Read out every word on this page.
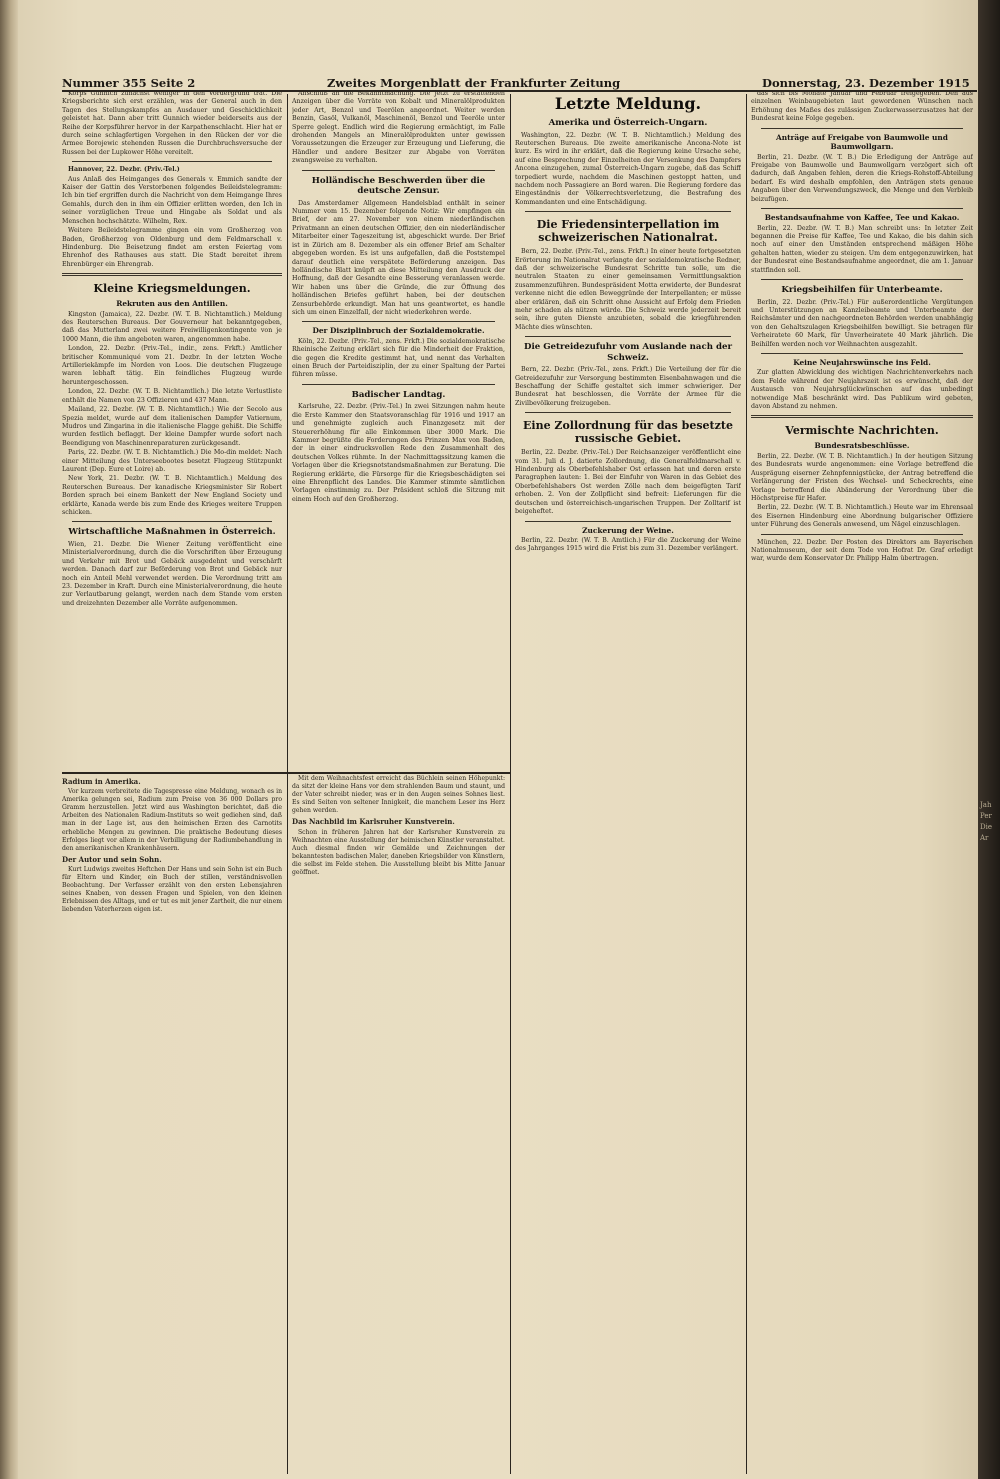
Jah Per Die Ar
Nummer 355 Seite 2	Zweites Morgenblatt der Frankfurter Zeitung	Donnerstag, 23. Dezember 1915

Korps Gunnich zunächst weniger in den Vordergrund trat. Die Kriegsberichte sich erst erzählen, was der General auch in den Tagen des Stellungskampfes an Ausdauer und Geschicklichkeit geleistet hat. Dann aber tritt Gunnich wieder beiderseits aus der Reihe der Korpsführer hervor in der Karpathenschlacht. Hier hat er durch seine schlagfertigen Vorgehen in den Rücken der vor die Armee Borojewic stehenden Russen die Durchbruchsversuche der Russen bei der Lupkower Höhe vereitelt.

Hannover, 22. Dezbr. (Priv.-Tel.)

Aus Anlaß des Heimganges des Generals v. Emmich sandte der Kaiser der Gattin des Verstorbenen folgendes Beileidstelegramm: Ich bin tief ergriffen durch die Nachricht von dem Heimgange Ihres Gemahls, durch den in ihm ein Offizier erlitten worden, den Ich in seiner vorzüglichen Treue und Hingabe als Soldat und als Menschen hochschätzte. Wilhelm, Rex.

Weitere Beileidstelegramme gingen ein vom Großherzog von Baden, Großherzog von Oldenburg und dem Feldmarschall v. Hindenburg. Die Beisetzung findet am ersten Feiertag vom Ehrenhof des Rathauses aus statt. Die Stadt bereitet ihrem Ehrenbürger ein Ehrengrab.

Kleine Kriegsmeldungen.
Rekruten aus den Antillen.

Kingston (Jamaica), 22. Dezbr. (W. T. B. Nichtamtlich.) Meldung des Reuterschen Bureaus. Der Gouverneur hat bekanntgegeben, daß das Mutterland zwei weitere Freiwilligenkontingente von je 1000 Mann, die ihm angeboten waren, angenommen habe.

London, 22. Dezbr. (Priv.-Tel., indir., zens. Frkft.) Amtlicher britischer Kommuniqué vom 21. Dezbr. In der letzten Woche Artilleriekämpfe im Norden von Loos. Die deutschen Flugzeuge waren lebhaft tätig. Ein feindliches Flugzeug wurde heruntergeschossen.

London, 22. Dezbr. (W. T. B. Nichtamtlich.) Die letzte Verlustliste enthält die Namen von 23 Offizieren und 437 Mann.

Mailand, 22. Dezbr. (W. T. B. Nichtamtlich.) Wie der Secolo aus Spezia meldet, wurde auf dem italienischen Dampfer Vatiernum, Mudros und Zingarina in die italienische Flagge gehißt. Die Schiffe wurden festlich beflaggt. Der kleine Dampfer wurde sofort nach Beendigung von Maschinenreparaturen zurückgesandt.

Paris, 22. Dezbr. (W. T. B. Nichtamtlich.) Die Mo-din meldet: Nach einer Mitteilung des Unterseebootes besetzt Flugzeug Stützpunkt Laurent (Dep. Eure et Loire) ab.

New York, 21. Dezbr. (W. T. B. Nichtamtlich.) Meldung des Reuterschen Bureaus. Der kanadische Kriegsminister Sir Robert Borden sprach bei einem Bankett der New England Society und erklärte, Kanada werde bis zum Ende des Krieges weitere Truppen schicken.

Wirtschaftliche Maßnahmen in Österreich.

Wien, 21. Dezbr. Die Wiener Zeitung veröffentlicht eine Ministerialverordnung, durch die die Vorschriften über Erzeugung und Verkehr mit Brot und Gebäck ausgedehnt und verschärft werden. Danach darf zur Beförderung von Brot und Gebäck nur noch ein Anteil Mehl verwendet werden. Die Verordnung tritt am 23. Dezember in Kraft. Durch eine Ministerialverordnung, die heute zur Verlautbarung gelangt, werden nach dem Stande vom ersten und dreizehnten Dezember alle Vorräte aufgenommen.

Anschluß an die Bekanntmachung. Die jetzt zu erstattenden Anzeigen über die Vorräte von Kobalt und Mineralölprodukten jeder Art, Benzol und Teerölen angeordnet. Weiter werden Benzin, Gasöl, Vulkanöl, Maschinenöl, Benzol und Teeröle unter Sperre gelegt. Endlich wird die Regierung ermächtigt, im Falle drohenden Mangels an Mineralölprodukten unter gewissen Voraussetzungen die Erzeuger zur Erzeugung und Lieferung, die Händler und andere Besitzer zur Abgabe von Vorräten zwangsweise zu verhalten.

Holländische Beschwerden über die deutsche Zensur.

Das Amsterdamer Allgemeen Handelsblad enthält in seiner Nummer vom 15. Dezember folgende Notiz: Wir empfingen ein Brief, der am 27. November von einem niederländischen Privatmann an einen deutschen Offizier, den ein niederländischer Mitarbeiter einer Tageszeitung ist, abgeschickt wurde. Der Brief ist in Zürich am 8. Dezember als ein offener Brief am Schalter abgegeben worden. Es ist uns aufgefallen, daß die Poststempel darauf deutlich eine verspätete Beförderung anzeigen. Das holländische Blatt knüpft an diese Mitteilung den Ausdruck der Hoffnung, daß der Gesandte eine Besserung veranlassen werde. Wir haben uns über die Gründe, die zur Öffnung des holländischen Briefes geführt haben, bei der deutschen Zensurbehörde erkundigt. Man hat uns geantwortet, es handle sich um einen Einzelfall, der nicht wiederkehren werde.

Der Disziplinbruch der Sozialdemokratie.

Köln, 22. Dezbr. (Priv.-Tel., zens. Frkft.) Die sozialdemokratische Rheinische Zeitung erklärt sich für die Minderheit der Fraktion, die gegen die Kredite gestimmt hat, und nennt das Verhalten einen Bruch der Parteidisziplin, der zu einer Spaltung der Partei führen müsse.

Badischer Landtag.

Karlsruhe, 22. Dezbr. (Priv.-Tel.) In zwei Sitzungen nahm heute die Erste Kammer den Staatsvoranschlag für 1916 und 1917 an und genehmigte zugleich auch Finanzgesetz mit der Steuererhöhung für alle Einkommen über 3000 Mark. Die Kammer begrüßte die Forderungen des Prinzen Max von Baden, der in einer eindrucksvollen Rede den Zusammenhalt des deutschen Volkes rühmte. In der Nachmittagssitzung kamen die Vorlagen über die Kriegsnotstandsmaßnahmen zur Beratung. Die Regierung erklärte, die Fürsorge für die Kriegsbeschädigten sei eine Ehrenpflicht des Landes. Die Kammer stimmte sämtlichen Vorlagen einstimmig zu. Der Präsident schloß die Sitzung mit einem Hoch auf den Großherzog.

Letzte Meldung.
Amerika und Österreich-Ungarn.

Washington, 22. Dezbr. (W. T. B. Nichtamtlich.) Meldung des Reuterschen Bureaus. Die zweite amerikanische Ancona-Note ist kurz. Es wird in ihr erklärt, daß die Regierung keine Ursache sehe, auf eine Besprechung der Einzelheiten der Versenkung des Dampfers Ancona einzugehen, zumal Österreich-Ungarn zugebe, daß das Schiff torpediert wurde, nachdem die Maschinen gestoppt hatten, und nachdem noch Passagiere an Bord waren. Die Regierung fordere das Eingeständnis der Völkerrechtsverletzung, die Bestrafung des Kommandanten und eine Entschädigung.

Die Friedensinterpellation im schweizerischen Nationalrat.

Bern, 22. Dezbr. (Priv.-Tel., zens. Frkft.) In einer heute fortgesetzten Erörterung im Nationalrat verlangte der sozialdemokratische Redner, daß der schweizerische Bundesrat Schritte tun solle, um die neutralen Staaten zu einer gemeinsamen Vermittlungsaktion zusammenzuführen. Bundespräsident Motta erwiderte, der Bundesrat verkenne nicht die edlen Beweggründe der Interpellanten; er müsse aber erklären, daß ein Schritt ohne Aussicht auf Erfolg dem Frieden mehr schaden als nützen würde. Die Schweiz werde jederzeit bereit sein, ihre guten Dienste anzubieten, sobald die kriegführenden Mächte dies wünschten.

Die Getreidezufuhr vom Auslande nach der Schweiz.

Bern, 22. Dezbr. (Priv.-Tel., zens. Frkft.) Die Verteilung der für die Getreidezufuhr zur Versorgung bestimmten Eisenbahnwagen und die Beschaffung der Schiffe gestaltet sich immer schwieriger. Der Bundesrat hat beschlossen, die Vorräte der Armee für die Zivilbevölkerung freizugeben.

Eine Zollordnung für das besetzte russische Gebiet.

Berlin, 22. Dezbr. (Priv.-Tel.) Der Reichsanzeiger veröffentlicht eine vom 31. Juli d. J. datierte Zollordnung, die Generalfeldmarschall v. Hindenburg als Oberbefehlshaber Ost erlassen hat und deren erste Paragraphen lauten: 1. Bei der Einfuhr von Waren in das Gebiet des Oberbefehlshabers Ost werden Zölle nach dem beigefügten Tarif erhoben. 2. Von der Zollpflicht sind befreit: Lieferungen für die deutschen und österreichisch-ungarischen Truppen. Der Zolltarif ist beigeheftet.

Zuckerung der Weine.

Berlin, 22. Dezbr. (W. T. B. Amtlich.) Für die Zuckerung der Weine des Jahrganges 1915 wird die Frist bis zum 31. Dezember verlängert.

das sich bis Monate Januar und Februar freigegeben. Den aus einzelnen Weinbaugebieten laut gewordenen Wünschen nach Erhöhung des Maßes des zulässigen Zuckerwasserzusatzes hat der Bundesrat keine Folge gegeben.

Anträge auf Freigabe von Baumwolle und Baumwollgarn.

Berlin, 21. Dezbr. (W. T. B.) Die Erledigung der Anträge auf Freigabe von Baumwolle und Baumwollgarn verzögert sich oft dadurch, daß Angaben fehlen, deren die Kriegs-Rohstoff-Abteilung bedarf. Es wird deshalb empfohlen, den Anträgen stets genaue Angaben über den Verwendungszweck, die Menge und den Verbleib beizufügen.

Bestandsaufnahme von Kaffee, Tee und Kakao.

Berlin, 22. Dezbr. (W. T. B.) Man schreibt uns: In letzter Zeit begannen die Preise für Kaffee, Tee und Kakao, die bis dahin sich noch auf einer den Umständen entsprechend mäßigen Höhe gehalten hatten, wieder zu steigen. Um dem entgegenzuwirken, hat der Bundesrat eine Bestandsaufnahme angeordnet, die am 1. Januar stattfinden soll.

Kriegsbeihilfen für Unterbeamte.

Berlin, 22. Dezbr. (Priv.-Tel.) Für außerordentliche Vergütungen und Unterstützungen an Kanzleibeamte und Unterbeamte der Reichsämter und den nachgeordneten Behörden werden unabhängig von den Gehaltszulagen Kriegsbeihilfen bewilligt. Sie betragen für Verheiratete 60 Mark, für Unverheiratete 40 Mark jährlich. Die Beihilfen werden noch vor Weihnachten ausgezahlt.

Keine Neujahrswünsche ins Feld.

Zur glatten Abwicklung des wichtigen Nachrichtenverkehrs nach dem Felde während der Neujahrszeit ist es erwünscht, daß der Austausch von Neujahrsglückwünschen auf das unbedingt notwendige Maß beschränkt wird. Das Publikum wird gebeten, davon Abstand zu nehmen.

Vermischte Nachrichten.
Bundesratsbeschlüsse.

Berlin, 22. Dezbr. (W. T. B. Nichtamtlich.) In der heutigen Sitzung des Bundesrats wurde angenommen: eine Vorlage betreffend die Ausprägung eiserner Zehnpfennigstücke, der Antrag betreffend die Verlängerung der Fristen des Wechsel- und Scheckrechts, eine Vorlage betreffend die Abänderung der Verordnung über die Höchstpreise für Hafer.

Berlin, 22. Dezbr. (W. T. B. Nichtamtlich.) Heute war im Ehrensaal des Eisernen Hindenburg eine Abordnung bulgarischer Offiziere unter Führung des Generals anwesend, um Nägel einzuschlagen.

München, 22. Dezbr. Der Posten des Direktors am Bayerischen Nationalmuseum, der seit dem Tode von Hofrat Dr. Graf erledigt war, wurde dem Konservator Dr. Philipp Halm übertragen.

Radium in Amerika.

Vor kurzem verbreitete die Tagespresse eine Meldung, wonach es in Amerika gelungen sei, Radium zum Preise von 36 000 Dollars pro Gramm herzustellen. Jetzt wird aus Washington berichtet, daß die Arbeiten des Nationalen Radium-Instituts so weit gediehen sind, daß man in der Lage ist, aus den heimischen Erzen des Carnotits erhebliche Mengen zu gewinnen. Die praktische Bedeutung dieses Erfolges liegt vor allem in der Verbilligung der Radiumbehandlung in den amerikanischen Krankenhäusern.

Der Autor und sein Sohn.

Kurt Ludwigs zweites Heftchen Der Hans und sein Sohn ist ein Buch für Eltern und Kinder, ein Buch der stillen, verständnisvollen Beobachtung. Der Verfasser erzählt von den ersten Lebensjahren seines Knaben, von dessen Fragen und Spielen, von den kleinen Erlebnissen des Alltags, und er tut es mit jener Zartheit, die nur einem liebenden Vaterherzen eigen ist.

Mit dem Weihnachtsfest erreicht das Büchlein seinen Höhepunkt: da sitzt der kleine Hans vor dem strahlenden Baum und staunt, und der Vater schreibt nieder, was er in den Augen seines Sohnes liest. Es sind Seiten von seltener Innigkeit, die manchem Leser ins Herz gehen werden.

Das Nachbild im Karlsruher Kunstverein.

Schon in früheren Jahren hat der Karlsruher Kunstverein zu Weihnachten eine Ausstellung der heimischen Künstler veranstaltet. Auch diesmal finden wir Gemälde und Zeichnungen der bekanntesten badischen Maler, daneben Kriegsbilder von Künstlern, die selbst im Felde stehen. Die Ausstellung bleibt bis Mitte Januar geöffnet.
